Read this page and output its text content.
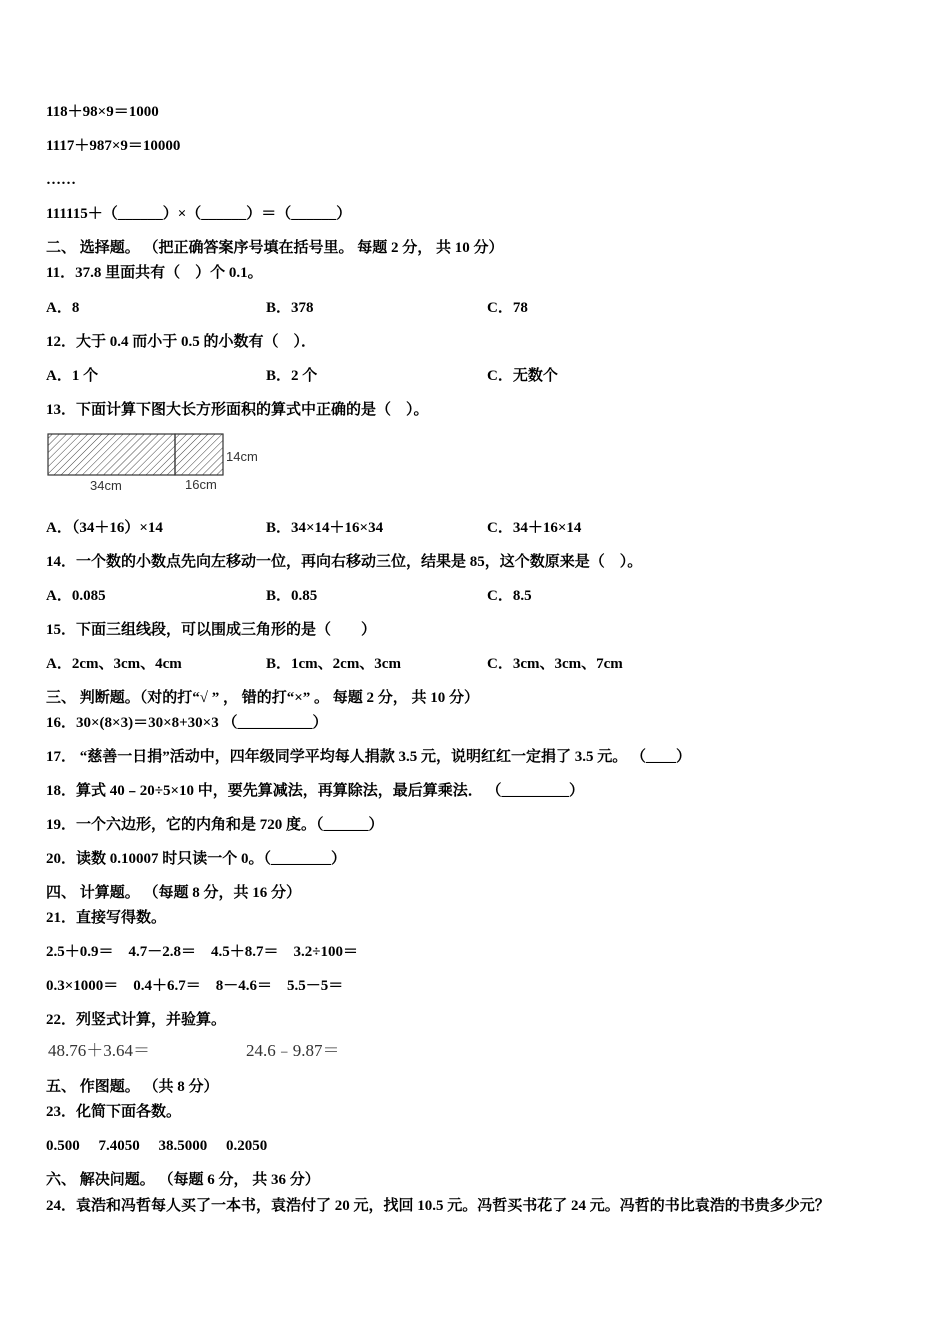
118＋98×9＝1000
1117＋987×9＝10000
……
111115＋（______）×（______）＝（______）
二、 选择题。 （把正确答案序号填在括号里。 每题 2 分， 共 10 分）
11．37.8 里面共有（　）个 0.1。
A．8	B．378	C．78
12．大于 0.4 而小于 0.5 的小数有（　）．
A．1 个	B．2 个	C．无数个
13．下面计算下图大长方形面积的算式中正确的是（　）。
34cm	16cm
14cm
A．（34＋16）×14	B．34×14＋16×34	C．34＋16×14
14．一个数的小数点先向左移动一位，再向右移动三位，结果是 85，这个数原来是（　）。
A．0.085	B．0.85	C．8.5
15．下面三组线段，可以围成三角形的是（　　）
A．2cm、3cm、4cm	B．1cm、2cm、3cm	C．3cm、3cm、7cm
三、 判断题。（对的打“√ ” ， 错的打“×” 。 每题 2 分， 共 10 分）
16．30×(8×3)＝30×8+30×3 （__________）
17． “慈善一日捐”活动中，四年级同学平均每人捐款 3.5 元，说明红红一定捐了 3.5 元。 （____）
18．算式 40﹣20÷5×10 中，要先算减法，再算除法，最后算乘法． （_________）
19．一个六边形，它的内角和是 720 度。（______）
20．读数 0.10007 时只读一个 0。（________）
四、 计算题。 （每题 8 分，共 16 分）
21．直接写得数。
2.5＋0.9＝　4.7－2.8＝　4.5＋8.7＝　3.2÷100＝
0.3×1000＝　0.4＋6.7＝　8－4.6＝　5.5－5＝
22．列竖式计算，并验算。
48.76＋3.64＝	24.6﹣9.87＝
五、 作图题。 （共 8 分）
23．化简下面各数。
0.500　 7.4050　 38.5000　 0.2050
六、 解决问题。 （每题 6 分， 共 36 分）
24．袁浩和冯哲每人买了一本书，袁浩付了 20 元，找回 10.5 元。冯哲买书花了 24 元。冯哲的书比袁浩的书贵多少元？
